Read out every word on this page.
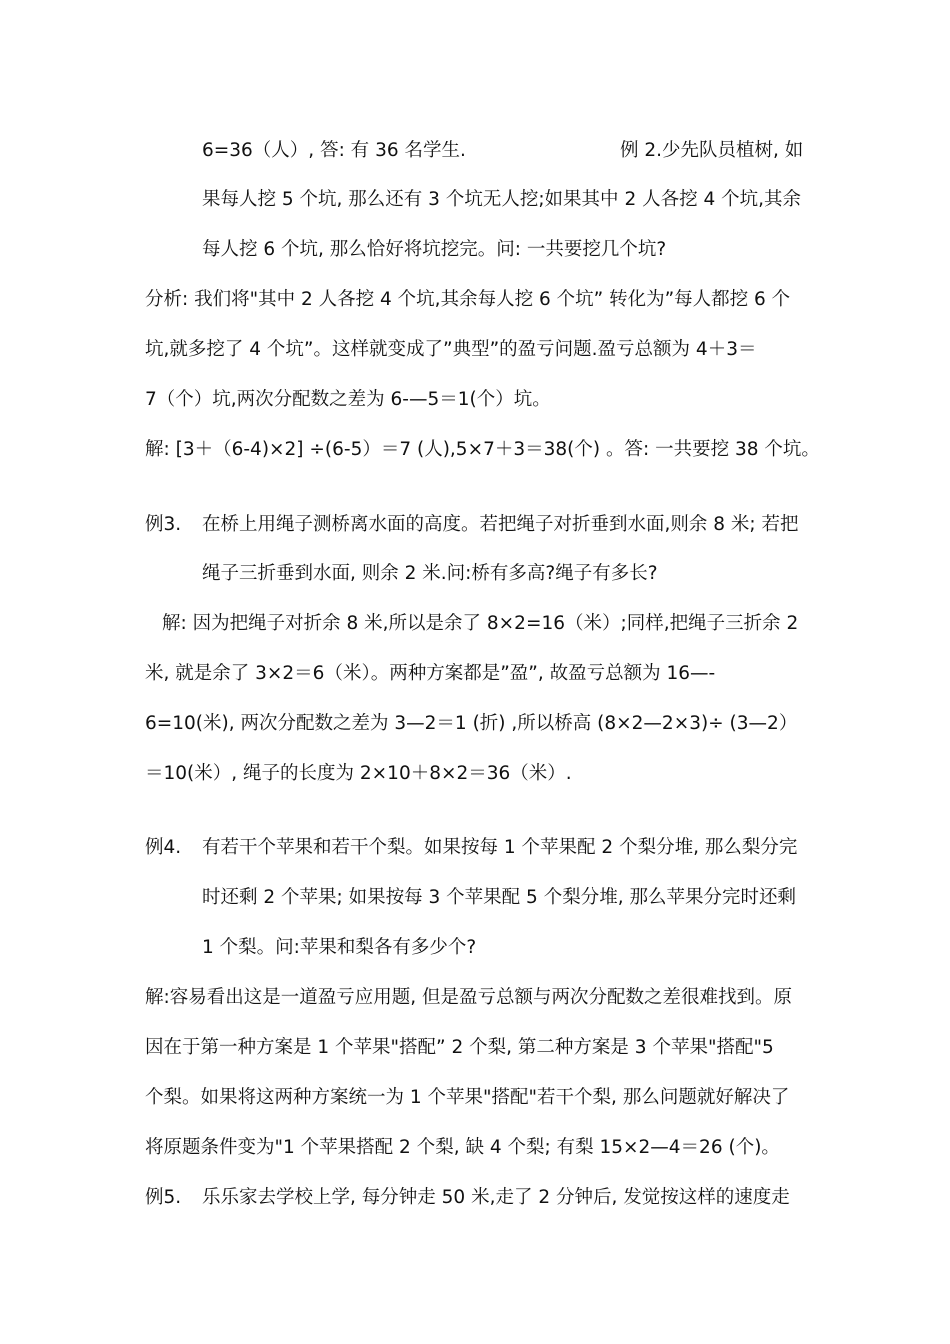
6=36（人）, 答: 有 36 名学生.	例 2.少先队员植树, 如
果每人挖 5 个坑, 那么还有 3 个坑无人挖;如果其中 2 人各挖 4 个坑,其余
每人挖 6 个坑, 那么恰好将坑挖完。问: 一共要挖几个坑?
分析: 我们将"其中 2 人各挖 4 个坑,其余每人挖 6 个坑” 转化为”每人都挖 6 个
坑,就多挖了 4 个坑”。这样就变成了”典型”的盈亏问题.盈亏总额为 4＋3＝
7（个）坑,两次分配数之差为 6-—5＝1(个）坑。
解: [3＋（6-4)×2] ÷(6-5）＝7 (人),5×7＋3＝38(个) 。答: 一共要挖 38 个坑。
例3. 在桥上用绳子测桥离水面的高度。若把绳子对折垂到水面,则余 8 米; 若把
绳子三折垂到水面, 则余 2 米.问:桥有多高?绳子有多长?
解: 因为把绳子对折余 8 米,所以是余了 8×2=16（米）;同样,把绳子三折余 2
米, 就是余了 3×2＝6（米）。两种方案都是”盈”, 故盈亏总额为 16—-
6=10(米), 两次分配数之差为 3—2＝1 (折) ,所以桥高 (8×2—2×3)÷ (3—2）
＝10(米）, 绳子的长度为 2×10＋8×2＝36（米）.
例4. 有若干个苹果和若干个梨。如果按每 1 个苹果配 2 个梨分堆, 那么梨分完
时还剩 2 个苹果; 如果按每 3 个苹果配 5 个梨分堆, 那么苹果分完时还剩
1 个梨。问:苹果和梨各有多少个?
解:容易看出这是一道盈亏应用题, 但是盈亏总额与两次分配数之差很难找到。原
因在于第一种方案是 1 个苹果"搭配” 2 个梨, 第二种方案是 3 个苹果"搭配"5
个梨。如果将这两种方案统一为 1 个苹果"搭配"若干个梨, 那么问题就好解决了
将原题条件变为"1 个苹果搭配 2 个梨, 缺 4 个梨; 有梨 15×2—4＝26 (个)。
例5. 乐乐家去学校上学, 每分钟走 50 米,走了 2 分钟后, 发觉按这样的速度走
